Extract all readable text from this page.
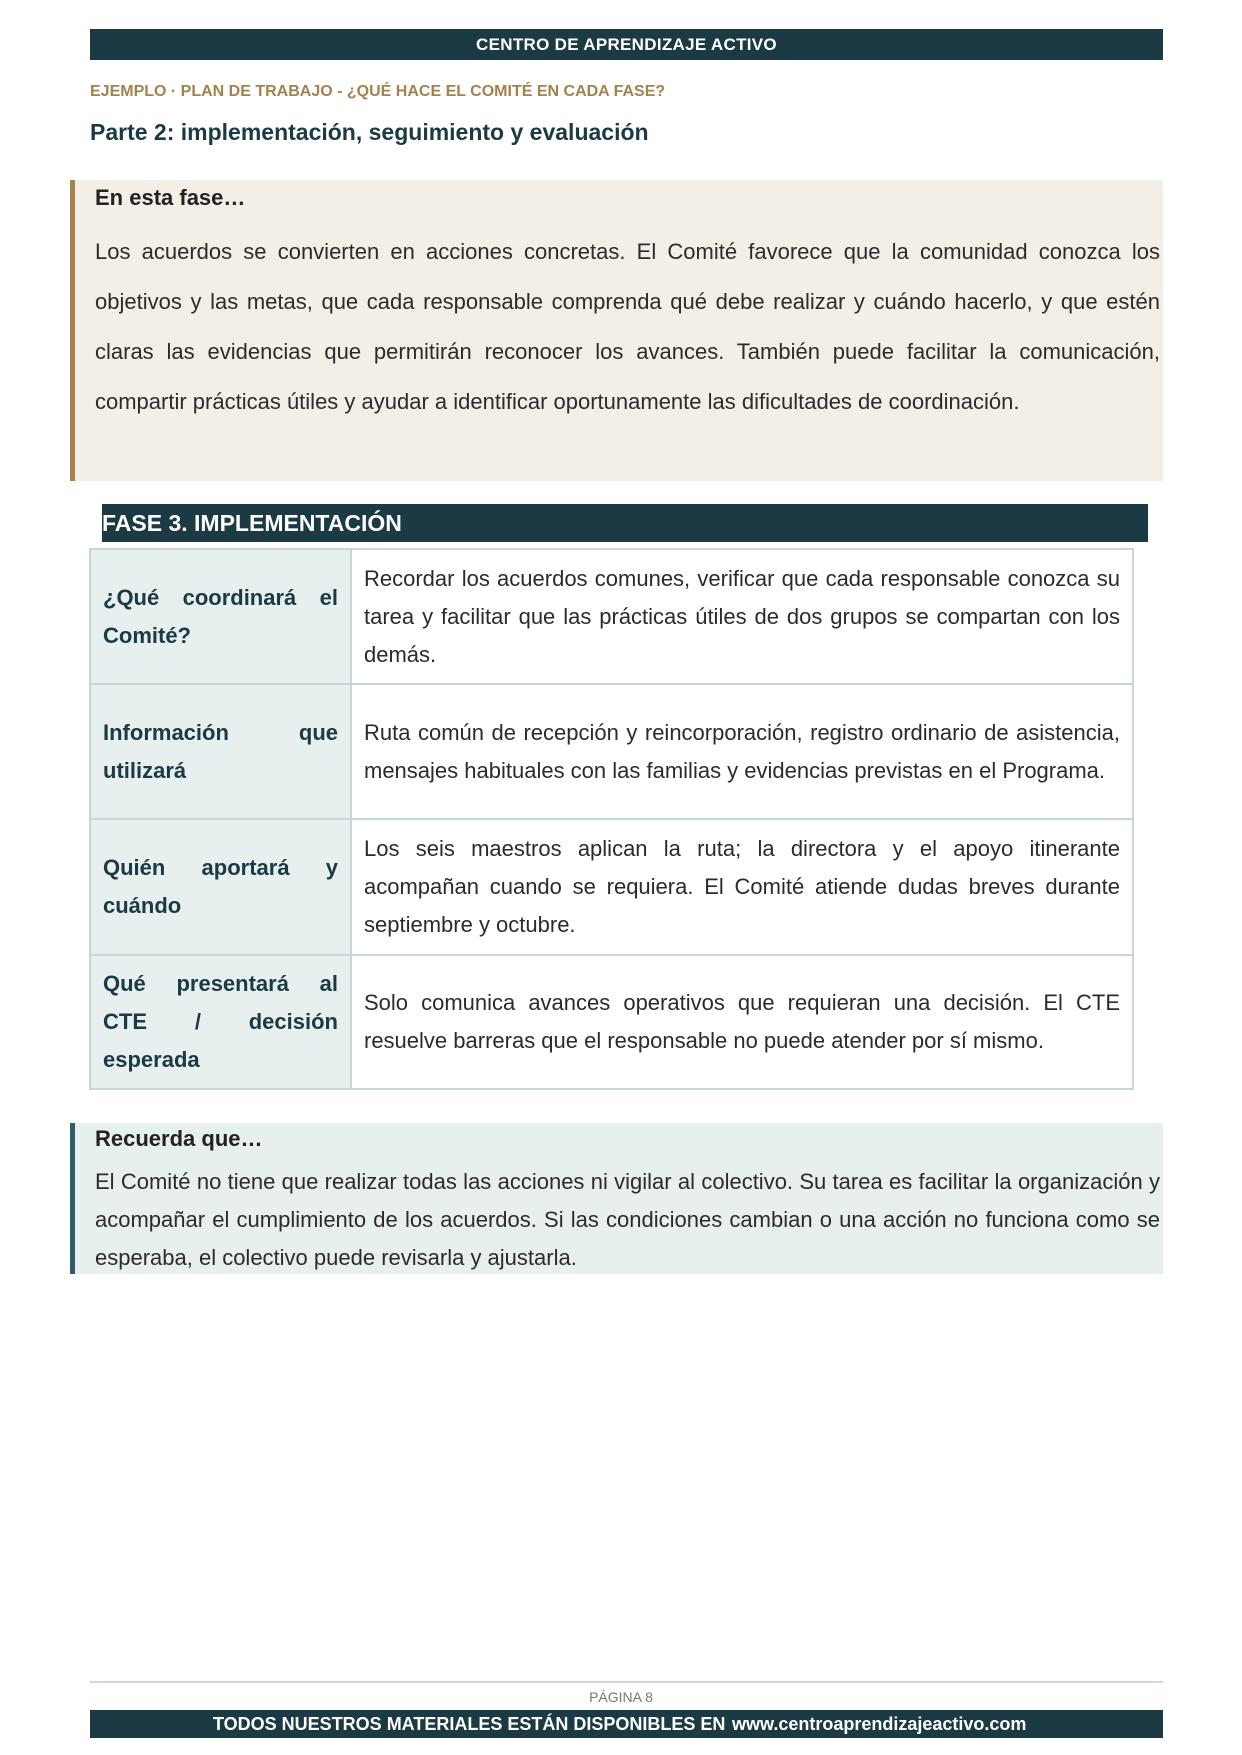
CENTRO DE APRENDIZAJE ACTIVO
EJEMPLO · PLAN DE TRABAJO - ¿QUÉ HACE EL COMITÉ EN CADA FASE?
Parte 2: implementación, seguimiento y evaluación
En esta fase…
Los acuerdos se convierten en acciones concretas. El Comité favorece que la comunidad conozca los objetivos y las metas, que cada responsable comprenda qué debe realizar y cuándo hacerlo, y que estén claras las evidencias que permitirán reconocer los avances. También puede facilitar la comunicación, compartir prácticas útiles y ayudar a identificar oportunamente las dificultades de coordinación.
FASE 3. IMPLEMENTACIÓN
¿Qué coordinará el Comité?	Recordar los acuerdos comunes, verificar que cada responsable conozca su tarea y facilitar que las prácticas útiles de dos grupos se compartan con los demás.
Información que utilizará	Ruta común de recepción y reincorporación, registro ordinario de asistencia, mensajes habituales con las familias y evidencias previstas en el Programa.
Quién aportará y cuándo	Los seis maestros aplican la ruta; la directora y el apoyo itinerante acompañan cuando se requiera. El Comité atiende dudas breves durante septiembre y octubre.
Qué presentará al CTE / decisión esperada	Solo comunica avances operativos que requieran una decisión. El CTE resuelve barreras que el responsable no puede atender por sí mismo.
Recuerda que…
El Comité no tiene que realizar todas las acciones ni vigilar al colectivo. Su tarea es facilitar la organización y acompañar el cumplimiento de los acuerdos. Si las condiciones cambian o una acción no funciona como se esperaba, el colectivo puede revisarla y ajustarla.
PÁGINA 8
TODOS NUESTROS MATERIALES ESTÁN DISPONIBLES EN www.centroaprendizajeactivo.com
